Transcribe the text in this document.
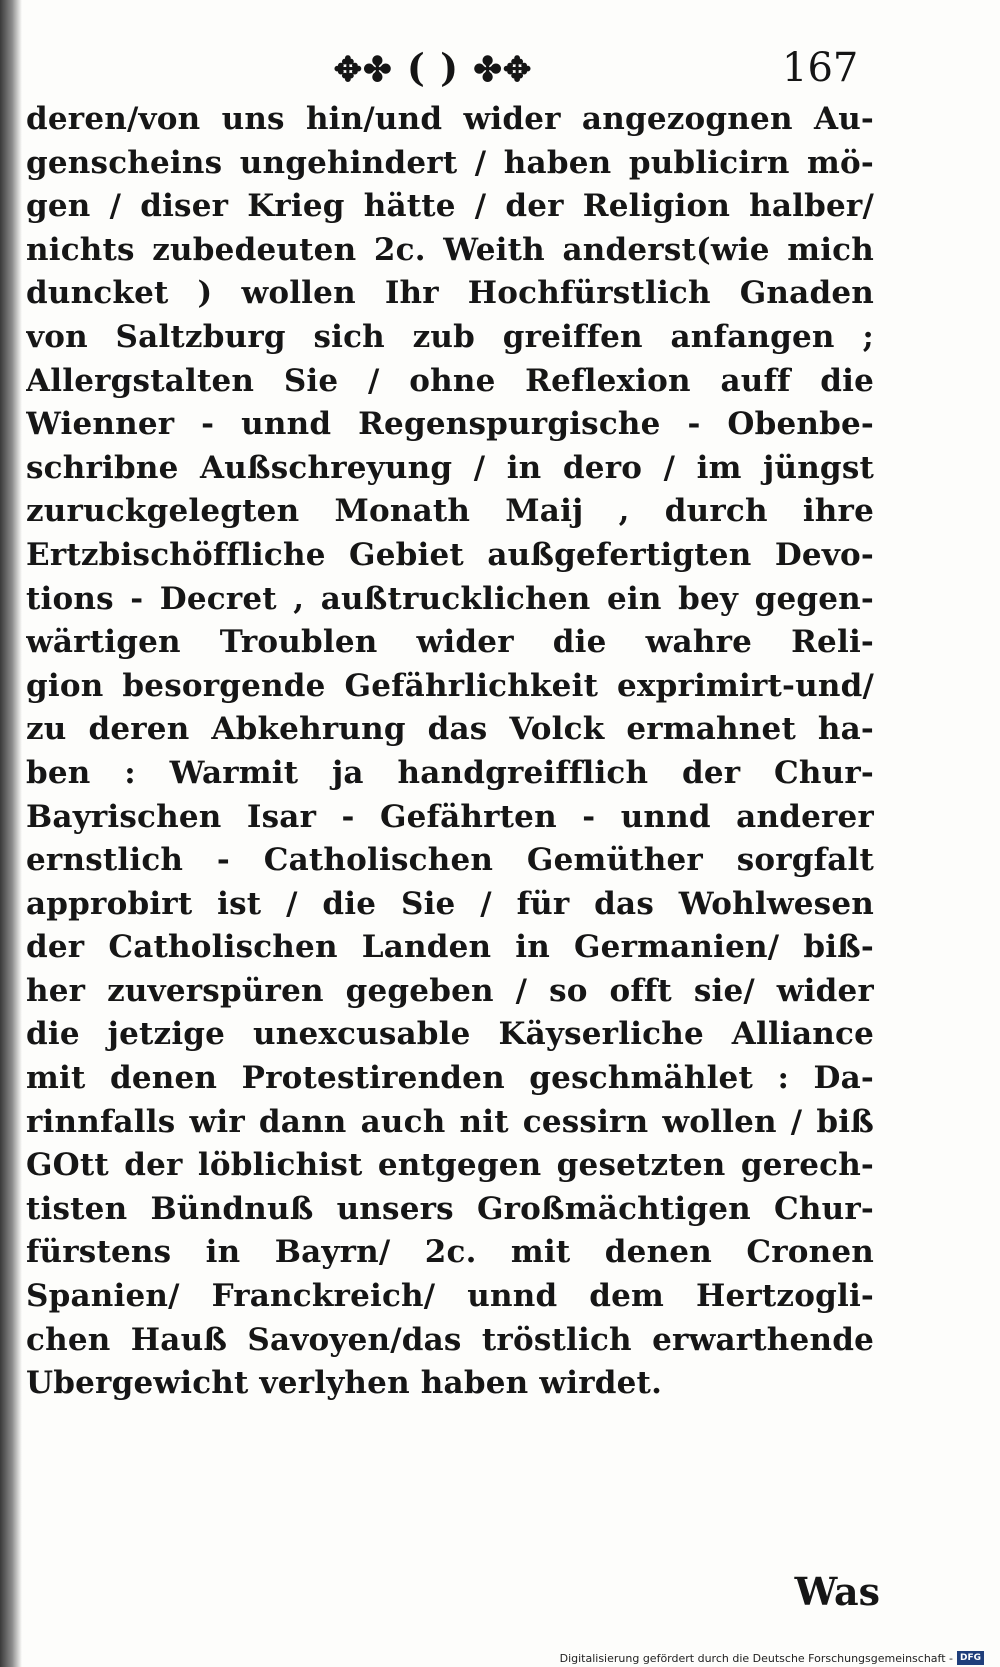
✥✤ ( ) ✤✥	167
deren/von uns hin/und wider angezognen Au-
genscheins ungehindert / haben publicirn mö-
gen / diser Krieg hätte / der Religion halber/
nichts zubedeuten 2c. Weith anderst(wie mich
duncket ) wollen Ihr Hochfürstlich Gnaden
von Saltzburg sich zub greiffen anfangen ;
Allergstalten Sie / ohne Reflexion auff die
Wienner - unnd Regenspurgische - Obenbe-
schribne Außschreyung / in dero / im jüngst
zuruckgelegten Monath Maij , durch ihre
Ertzbischöffliche Gebiet außgefertigten Devo-
tions - Decret , außtrucklichen ein bey gegen-
wärtigen Troublen wider die wahre Reli-
gion besorgende Gefährlichkeit exprimirt-und/
zu deren Abkehrung das Volck ermahnet ha-
ben : Warmit ja handgreifflich der Chur-
Bayrischen Isar - Gefährten - unnd anderer
ernstlich - Catholischen Gemüther sorgfalt
approbirt ist / die Sie / für das Wohlwesen
der Catholischen Landen in Germanien/ biß-
her zuverspüren gegeben / so offt sie/ wider
die jetzige unexcusable Käyserliche Alliance
mit denen Protestirenden geschmählet : Da-
rinnfalls wir dann auch nit cessirn wollen / biß
GOtt der löblichist entgegen gesetzten gerech-
tisten Bündnuß unsers Großmächtigen Chur-
fürstens in Bayrn/ 2c. mit denen Cronen
Spanien/ Franckreich/ unnd dem Hertzogli-
chen Hauß Savoyen/das tröstlich erwarthende
Ubergewicht verlyhen haben wirdet.
Was
Digitalisierung gefördert durch die Deutsche Forschungsgemeinschaft - DFG
